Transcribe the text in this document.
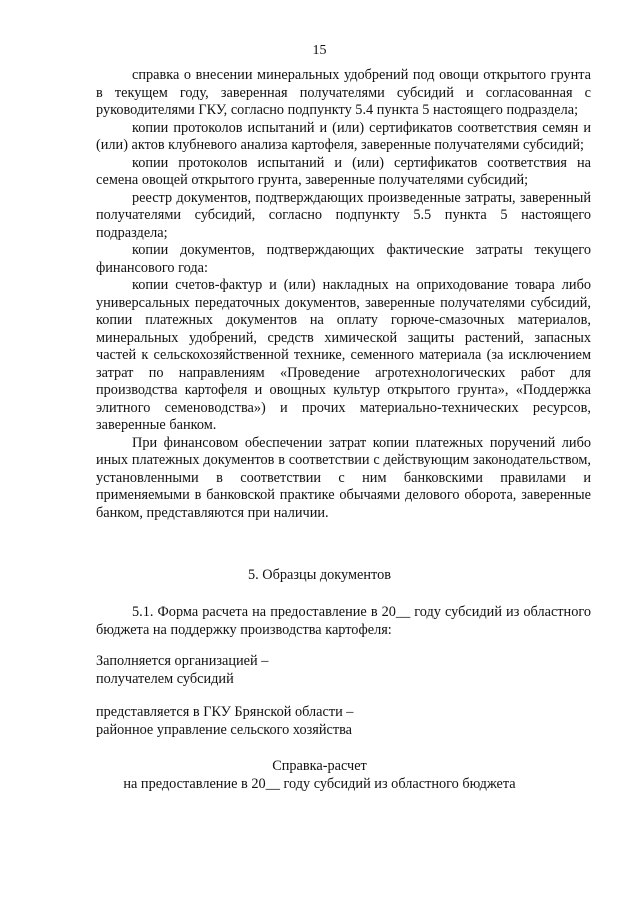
15

справка о внесении минеральных удобрений под овощи открытого грунта в текущем году, заверенная получателями субсидий и согласованная с руководителями ГКУ, согласно подпункту 5.4 пункта 5 настоящего подраздела;

копии протоколов испытаний и (или) сертификатов соответствия семян и (или) актов клубневого анализа картофеля, заверенные получателями субсидий;

копии протоколов испытаний и (или) сертификатов соответствия на семена овощей открытого грунта, заверенные получателями субсидий;

реестр документов, подтверждающих произведенные затраты, заверенный получателями субсидий, согласно подпункту 5.5 пункта 5 настоящего подраздела;

копии документов, подтверждающих фактические затраты текущего финансового года:

копии счетов-фактур и (или) накладных на оприходование товара либо универсальных передаточных документов, заверенные получателями субсидий, копии платежных документов на оплату горюче-смазочных материалов, минеральных удобрений, средств химической защиты растений, запасных частей к сельскохозяйственной технике, семенного материала (за исключением затрат по направлениям «Проведение агротехнологических работ для производства картофеля и овощных культур открытого грунта», «Поддержка элитного семеноводства») и прочих материально-технических ресурсов, заверенные банком.

При финансовом обеспечении затрат копии платежных поручений либо иных платежных документов в соответствии с действующим законодательством, установленными в соответствии с ним банковскими правилами и применяемыми в банковской практике обычаями делового оборота, заверенные банком, представляются при наличии.

5. Образцы документов

5.1. Форма расчета на предоставление в 20__ году субсидий из областного бюджета на поддержку производства картофеля:

Заполняется организацией –
получателем субсидий
представляется в ГКУ Брянской области –
районное управление сельского хозяйства
Справка-расчет
на предоставление в 20__ году субсидий из областного бюджета
